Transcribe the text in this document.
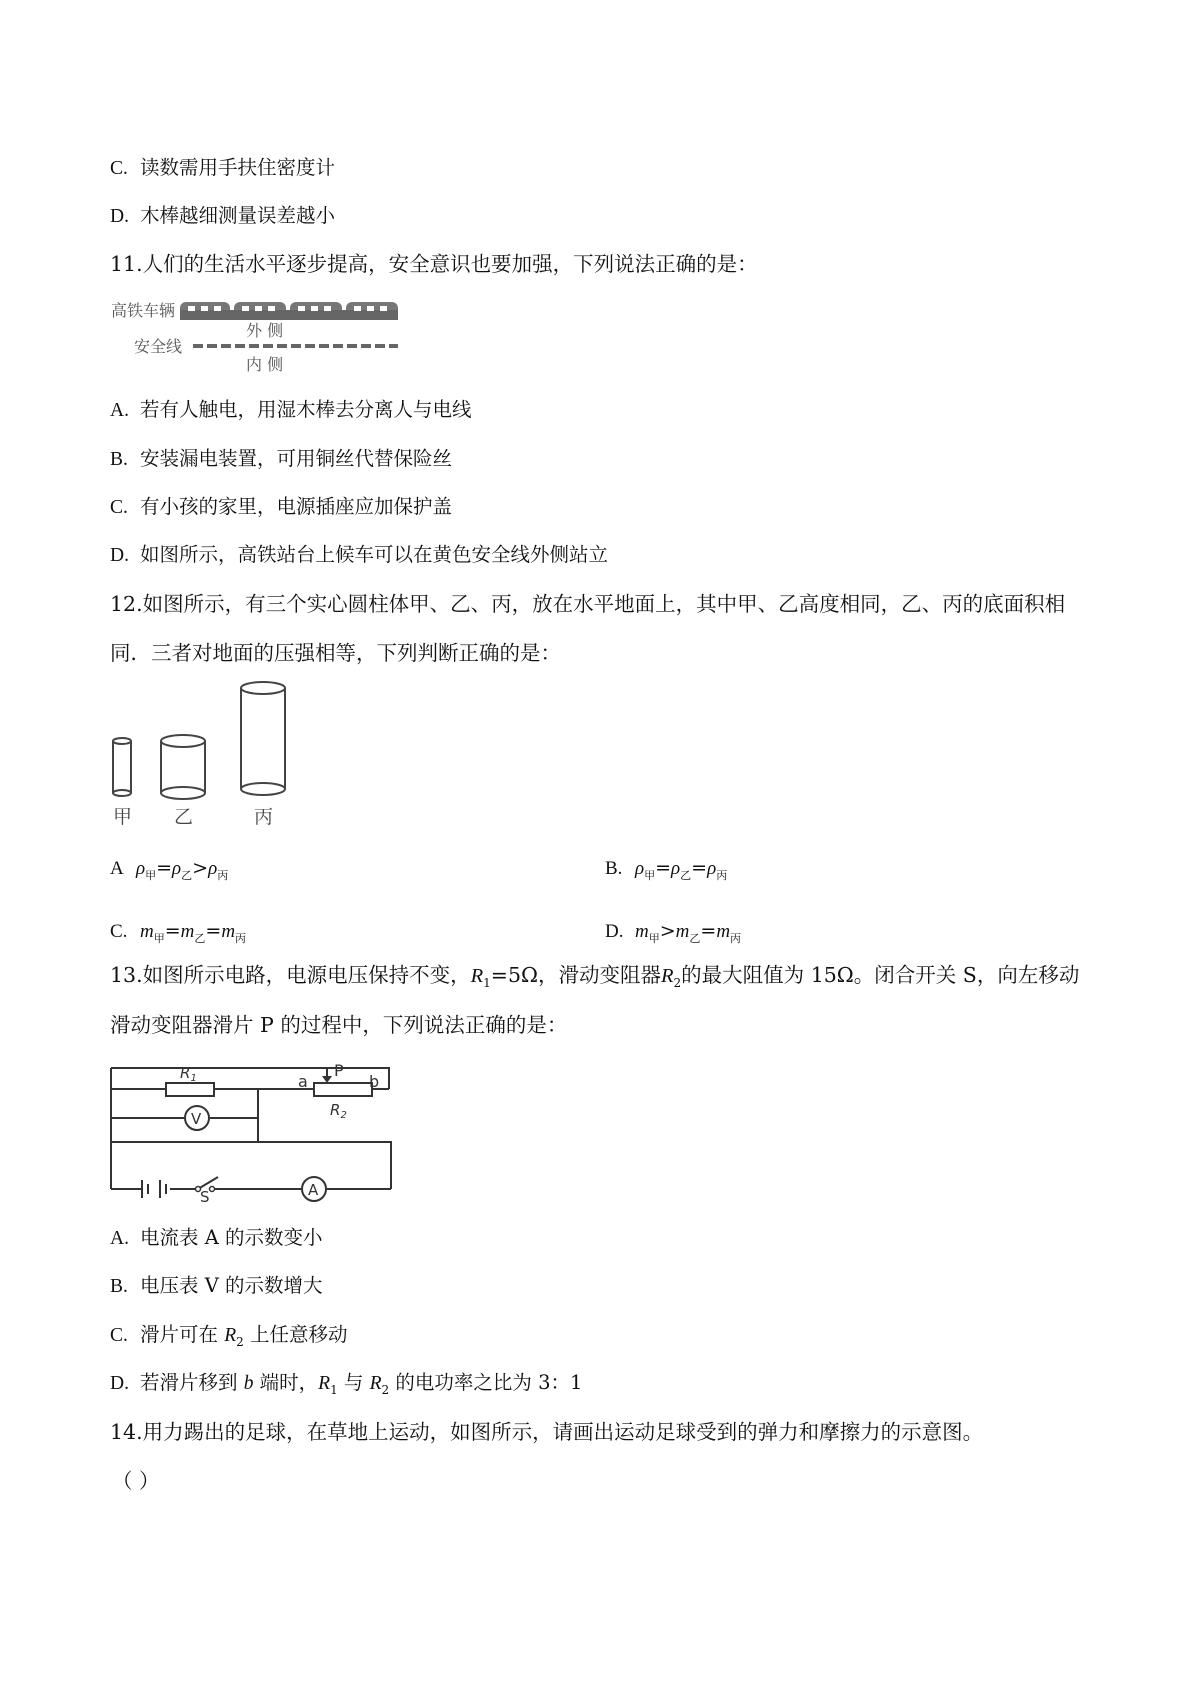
C. 读数需用手扶住密度计
D. 木棒越细测量误差越小
11.人们的生活水平逐步提高，安全意识也要加强，下列说法正确的是：
高铁车辆
外 侧
安全线
内 侧
A. 若有人触电，用湿木棒去分离人与电线
B. 安装漏电装置，可用铜丝代替保险丝
C. 有小孩的家里，电源插座应加保护盖
D. 如图所示，高铁站台上候车可以在黄色安全线外侧站立
12.如图所示，有三个实心圆柱体甲、乙、丙，放在水平地面上，其中甲、乙高度相同，乙、丙的底面积相
同．三者对地面的压强相等，下列判断正确的是：
甲 乙	丙
A $\rho_甲=\rho_乙>\rho_丙$	B. $\rho_甲=\rho_乙=\rho_丙$
C. $m_甲=m_乙=m_丙$	D. $m_甲>m_乙=m_丙$
13.如图所示电路，电源电压保持不变，$R_1=5\Omega$，滑动变阻器$R_2$的最大阻值为 15Ω。闭合开关 S，向左移动
滑动变阻器滑片 P 的过程中，下列说法正确的是：
V
A
$R_1$
$R_2$
P
a	b
S
A. 电流表 A 的示数变小
B. 电压表 V 的示数增大
C. 滑片可在 $R_2$ 上任意移动
D. 若滑片移到 b 端时，$R_1$ 与 $R_2$ 的电功率之比为 3：1
14.用力踢出的足球，在草地上运动，如图所示，请画出运动足球受到的弹力和摩擦力的示意图。
（ ）
